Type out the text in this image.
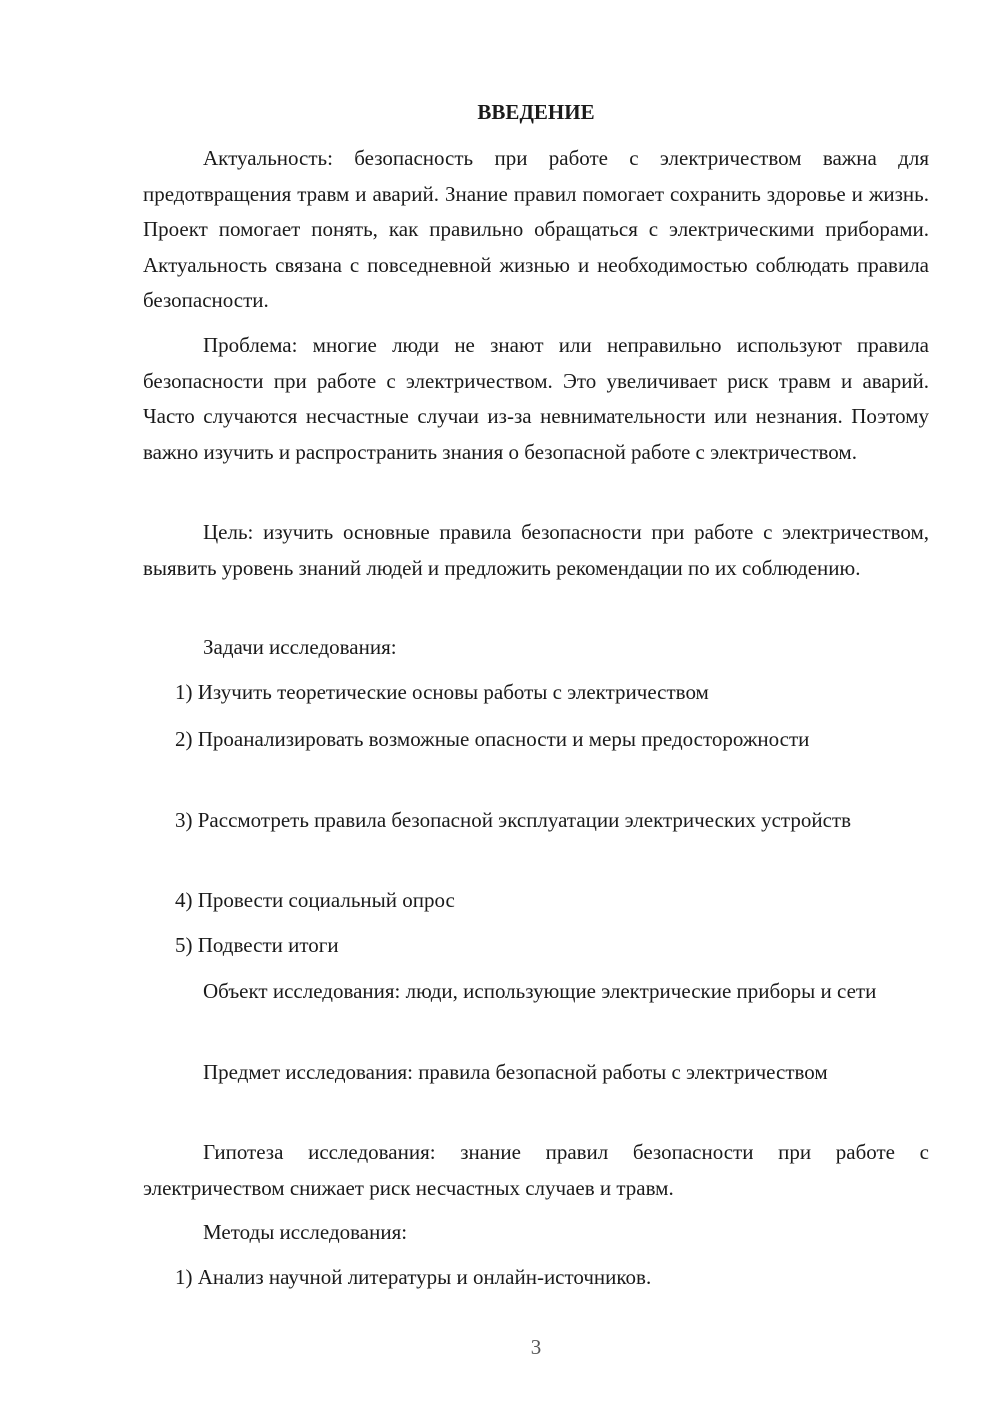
ВВЕДЕНИЕ

Актуальность: безопасность при работе с электричеством важна для предотвращения травм и аварий. Знание правил помогает сохранить здоровье и жизнь. Проект помогает понять, как правильно обращаться с электрическими приборами. Актуальность связана с повседневной жизнью и необходимостью соблюдать правила безопасности.

Проблема: многие люди не знают или неправильно используют правила безопасности при работе с электричеством. Это увеличивает риск травм и аварий. Часто случаются несчастные случаи из-за невнимательности или незнания. Поэтому важно изучить и распространить знания о безопасной работе с электричеством.

Цель: изучить основные правила безопасности при работе с электричеством, выявить уровень знаний людей и предложить рекомендации по их соблюдению.

Задачи исследования:

1) Изучить теоретические основы работы с электричеством

2) Проанализировать возможные опасности и меры предосторожности

3) Рассмотреть правила безопасной эксплуатации электрических устройств

4) Провести социальный опрос

5) Подвести итоги

Объект исследования: люди, использующие электрические приборы и сети

Предмет исследования: правила безопасной работы с электричеством

Гипотеза исследования: знание правил безопасности при работе с электричеством снижает риск несчастных случаев и травм.

Методы исследования:

1) Анализ научной литературы и онлайн-источников.

3
